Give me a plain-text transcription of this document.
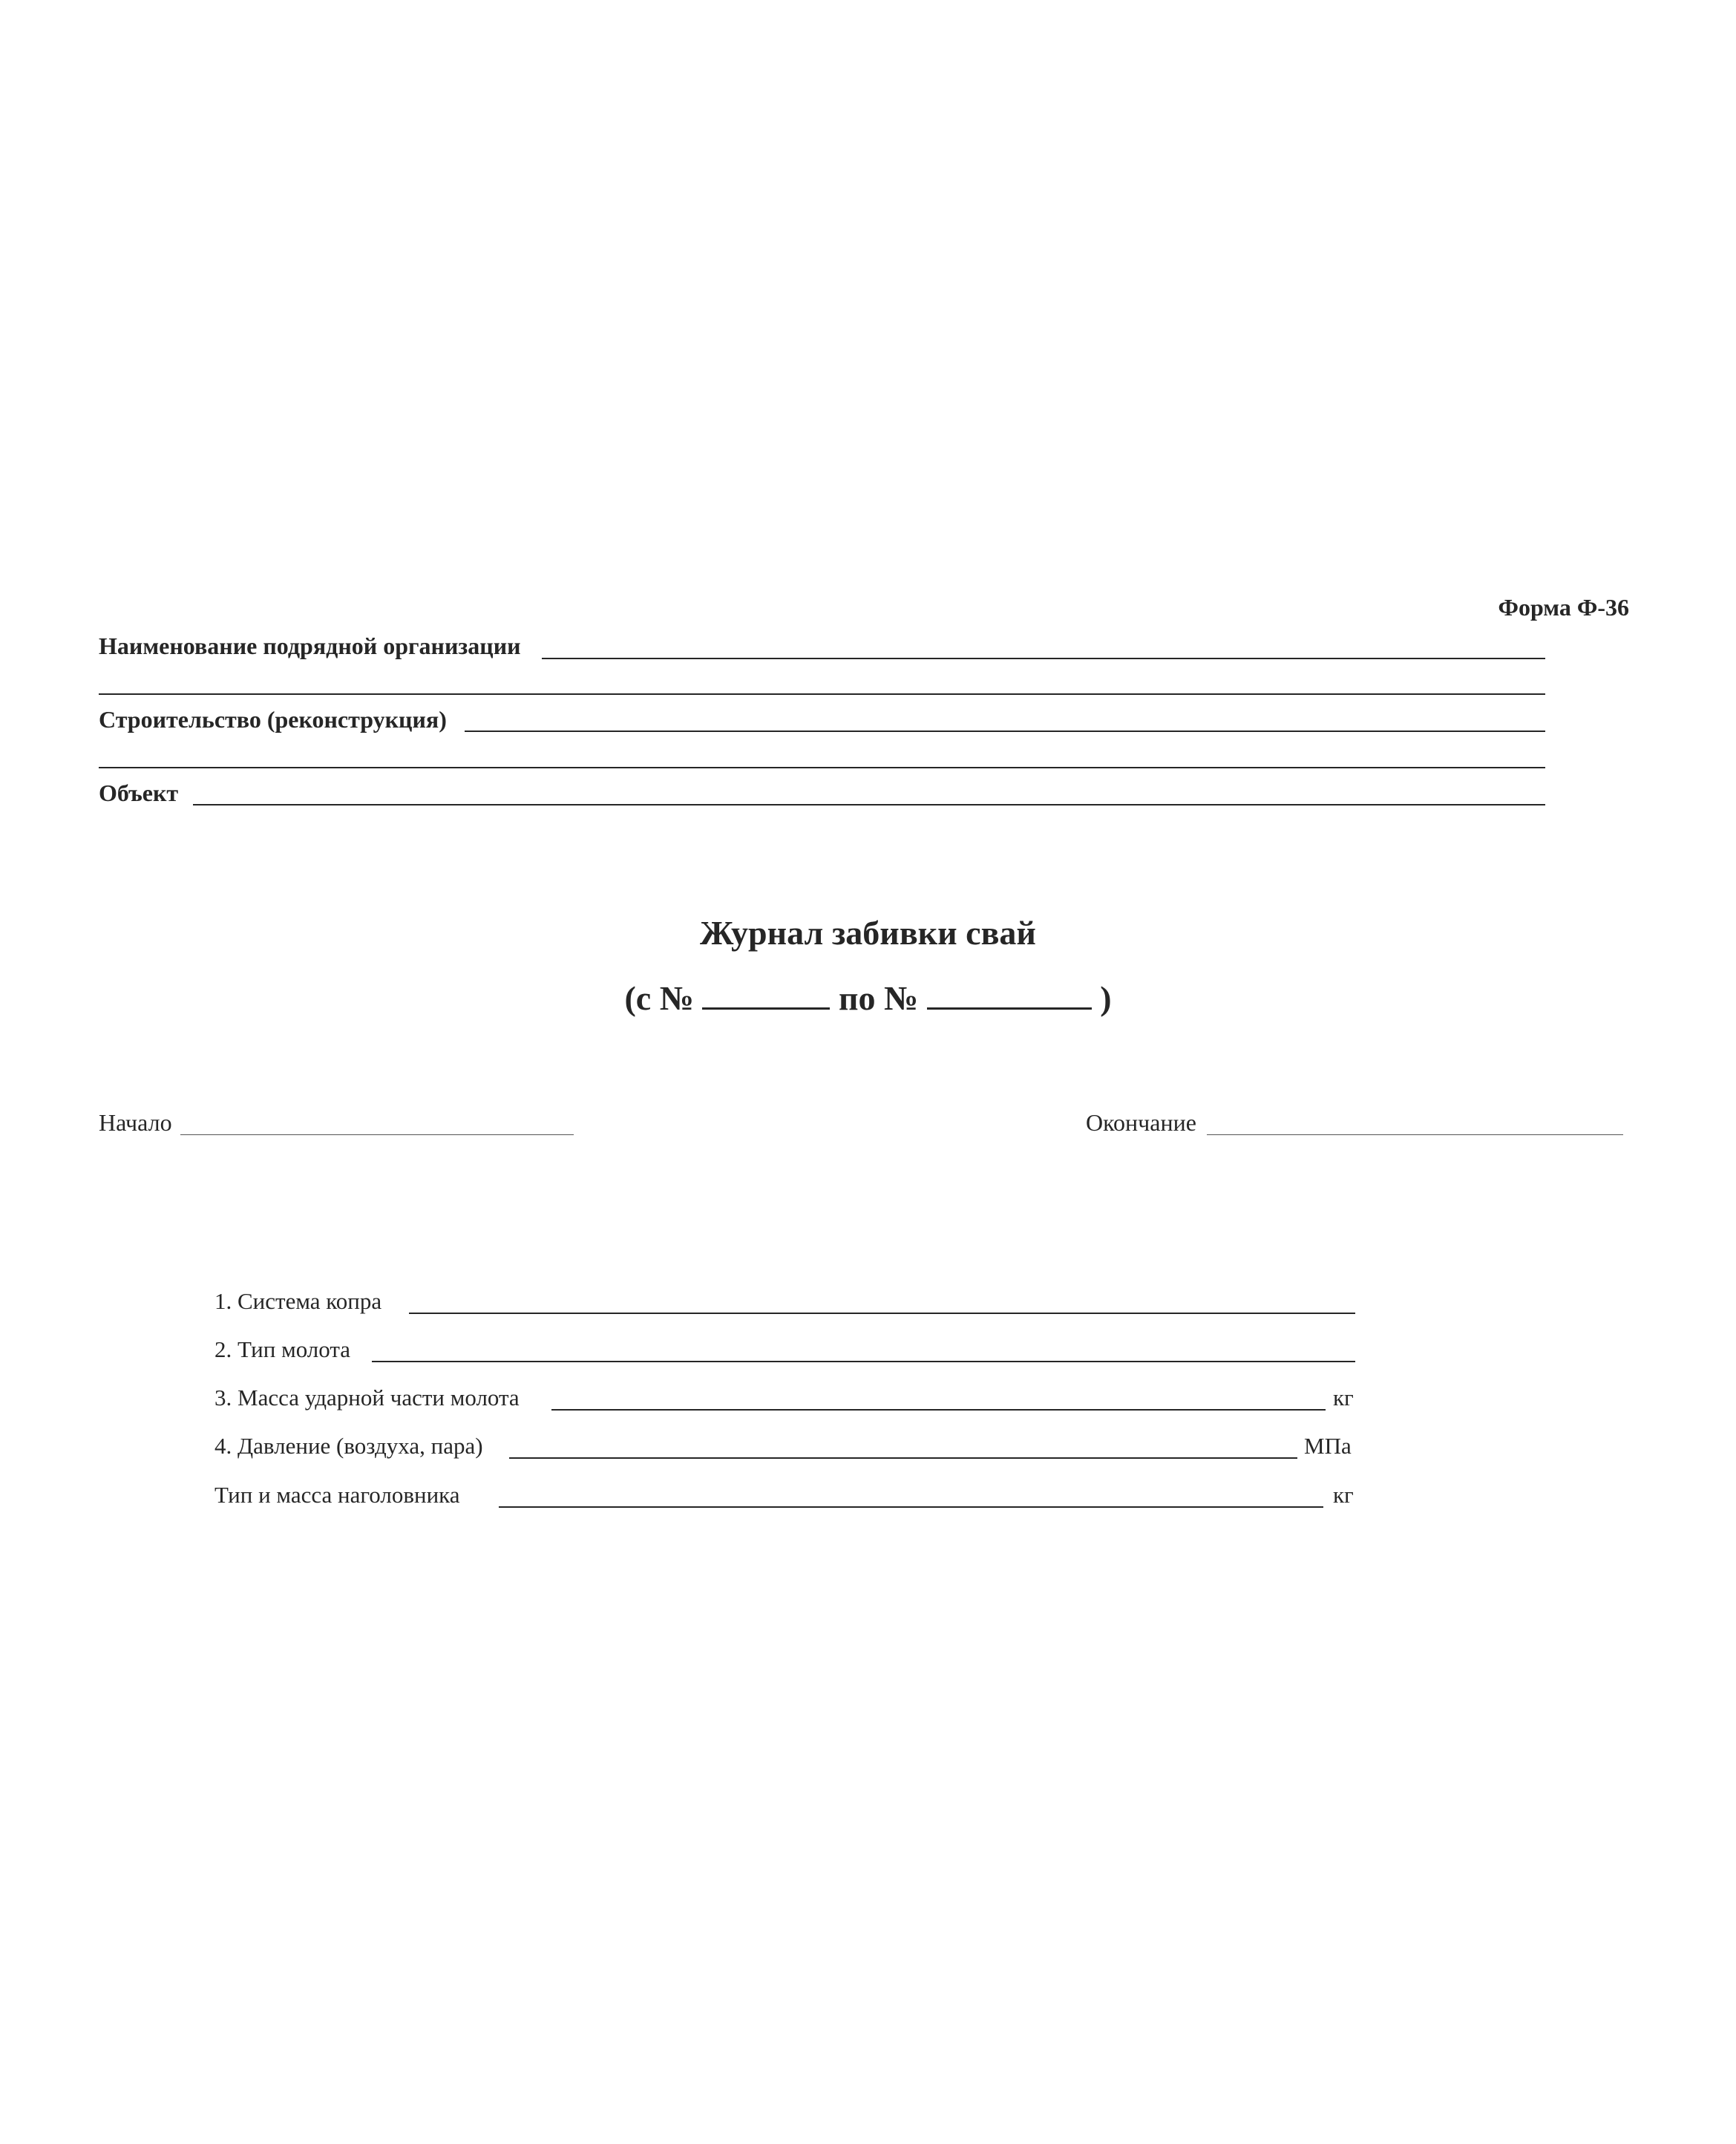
Форма Ф-36
Наименование подрядной организации
Строительство (реконструкция)
Объект
Журнал забивки свай
(с №	по №	)
Начало	Окончание
1. Система копра
2. Тип молота
3. Масса ударной части молота	кг
4. Давление (воздуха, пара)	МПа
Тип и масса наголовника	кг
